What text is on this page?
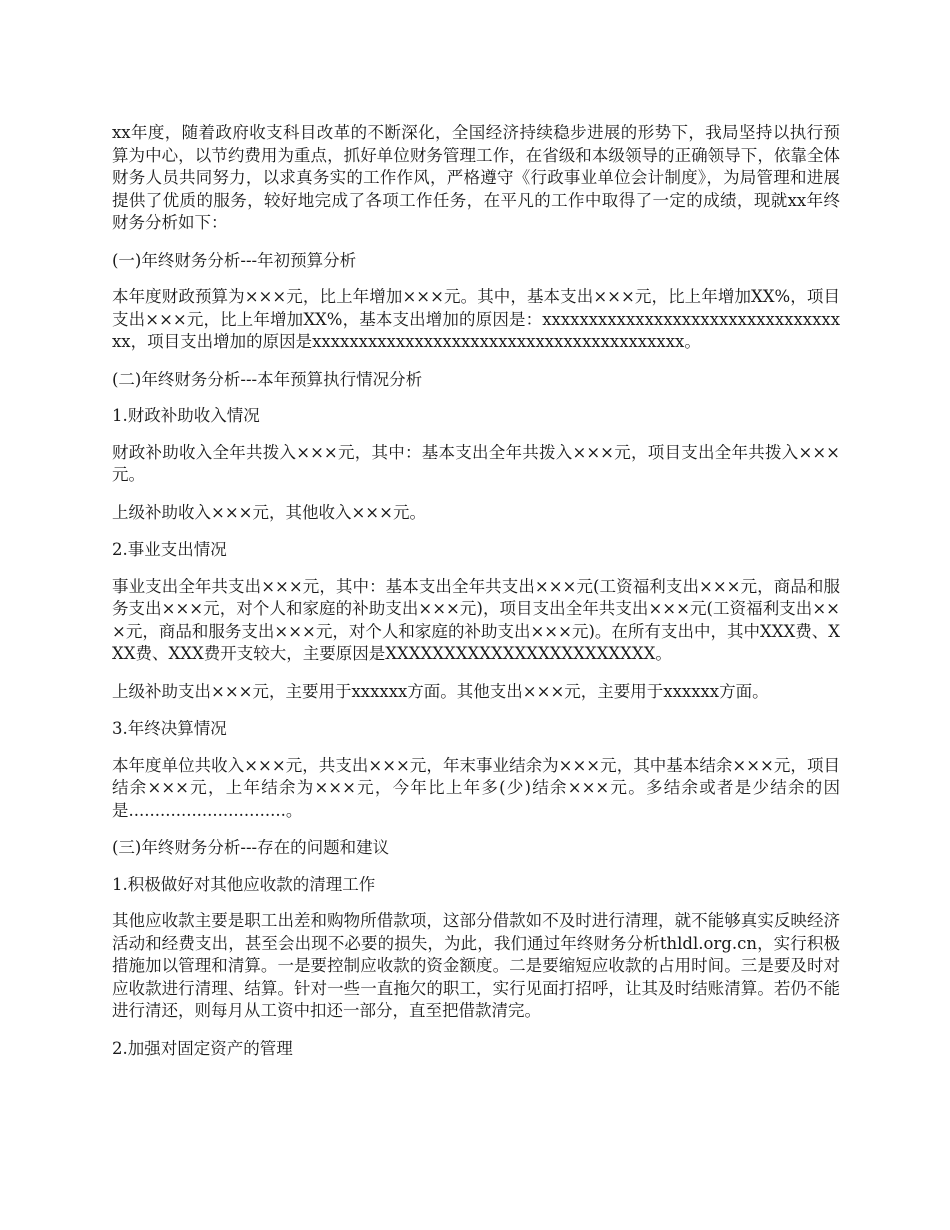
xx年度，随着政府收支科目改革的不断深化，全国经济持续稳步进展的形势下，我局坚持以执行预算为中心，以节约费用为重点，抓好单位财务管理工作，在省级和本级领导的正确领导下，依靠全体财务人员共同努力，以求真务实的工作作风，严格遵守《行政事业单位会计制度》，为局管理和进展提供了优质的服务，较好地完成了各项工作任务，在平凡的工作中取得了一定的成绩，现就xx年终财务分析如下：

(一)年终财务分析---年初预算分析

本年度财政预算为×××元，比上年增加×××元。其中，基本支出×××元，比上年增加XX%，项目支出×××元，比上年增加XX%，基本支出增加的原因是：xxxxxxxxxxxxxxxxxxxxxxxxxxxxxxxxxx，项目支出增加的原因是xxxxxxxxxxxxxxxxxxxxxxxxxxxxxxxxxxxxxxxx。

(二)年终财务分析---本年预算执行情况分析

1.财政补助收入情况

财政补助收入全年共拨入×××元，其中：基本支出全年共拨入×××元，项目支出全年共拨入×××元。

上级补助收入×××元，其他收入×××元。

2.事业支出情况

事业支出全年共支出×××元，其中：基本支出全年共支出×××元(工资福利支出×××元，商品和服务支出×××元，对个人和家庭的补助支出×××元)，项目支出全年共支出×××元(工资福利支出×××元，商品和服务支出×××元，对个人和家庭的补助支出×××元)。在所有支出中，其中XXX费、XXX费、XXX费开支较大，主要原因是XXXXXXXXXXXXXXXXXXXXXXX。

上级补助支出×××元，主要用于xxxxxx方面。其他支出×××元，主要用于xxxxxx方面。

3.年终决算情况

本年度单位共收入×××元，共支出×××元，年末事业结余为×××元，其中基本结余×××元，项目结余×××元，上年结余为×××元，今年比上年多(少)结余×××元。多结余或者是少结余的因是..............................。

(三)年终财务分析---存在的问题和建议

1.积极做好对其他应收款的清理工作

其他应收款主要是职工出差和购物所借款项，这部分借款如不及时进行清理，就不能够真实反映经济活动和经费支出，甚至会出现不必要的损失，为此，我们通过年终财务分析thldl.org.cn，实行积极措施加以管理和清算。一是要控制应收款的资金额度。二是要缩短应收款的占用时间。三是要及时对应收款进行清理、结算。针对一些一直拖欠的职工，实行见面打招呼，让其及时结账清算。若仍不能进行清还，则每月从工资中扣还一部分，直至把借款清完。

2.加强对固定资产的管理
